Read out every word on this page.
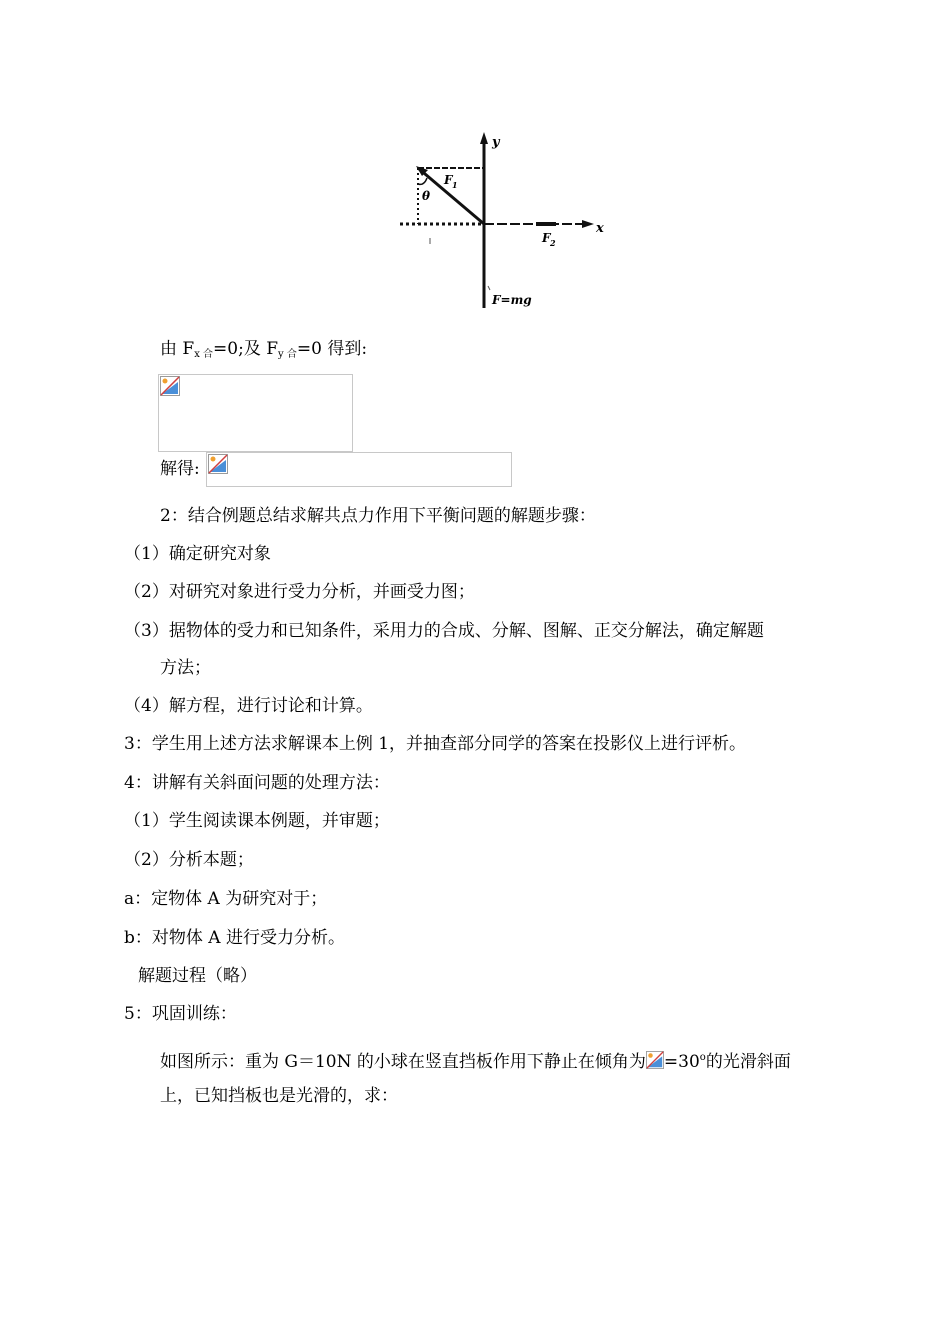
y
x
F 1
θ
F 2
F=mg
由 $F_{x 合}=0$;及 $F_{y 合}=0$ 得到:
解得:
2：结合例题总结求解共点力作用下平衡问题的解题步骤：
（1）确定研究对象
（2）对研究对象进行受力分析，并画受力图；
（3）据物体的受力和已知条件，采用力的合成、分解、图解、正交分解法，确定解题
方法；
（4）解方程，进行讨论和计算。
3：学生用上述方法求解课本上例 1，并抽查部分同学的答案在投影仪上进行评析。
4：讲解有关斜面问题的处理方法：
（1）学生阅读课本例题，并审题；
（2）分析本题；
a：定物体 A 为研究对于；
b：对物体 A 进行受力分析。
解题过程（略）
5：巩固训练：
如图所示：重为 G＝10N 的小球在竖直挡板作用下静止在倾角为 $=30^o$的光滑斜面
上，已知挡板也是光滑的，求：
